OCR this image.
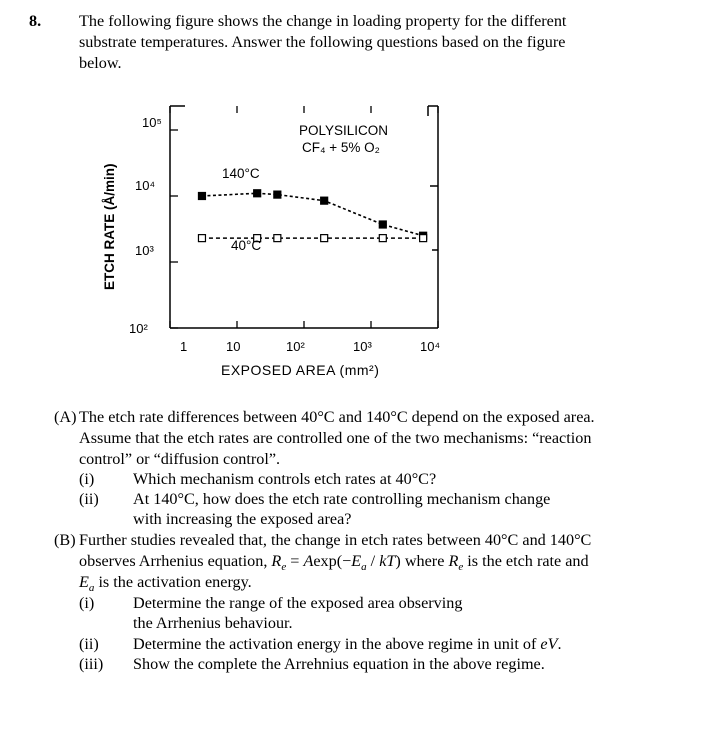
8. The following figure shows the change in loading property for the different
substrate temperatures. Answer the following questions based on the figure
below.
10⁵
10⁴
10³
10²
1	10	10²	10³	10⁴
ETCH RATE (Å/min)
EXPOSED AREA (mm²)
POLYSILICON
CF₄ + 5% O₂
140°C
40°C
(A) The etch rate differences between 40°C and 140°C depend on the exposed area.
Assume that the etch rates are controlled one of the two mechanisms: “reaction
control” or “diffusion control”.
(i) Which mechanism controls etch rates at 40°C?
(ii) At 140°C, how does the etch rate controlling mechanism change
with increasing the exposed area?
(B) Further studies revealed that, the change in etch rates between 40°C and 140°C
observes Arrhenius equation, $R_e = Aexp(-E_a / kT)$ where $R_e$ is the etch rate and
$E_a$ is the activation energy.
(i) Determine the range of the exposed area observing
the Arrhenius behaviour.
(ii) Determine the activation energy in the above regime in unit of eV.
(iii) Show the complete the Arrehnius equation in the above regime.
